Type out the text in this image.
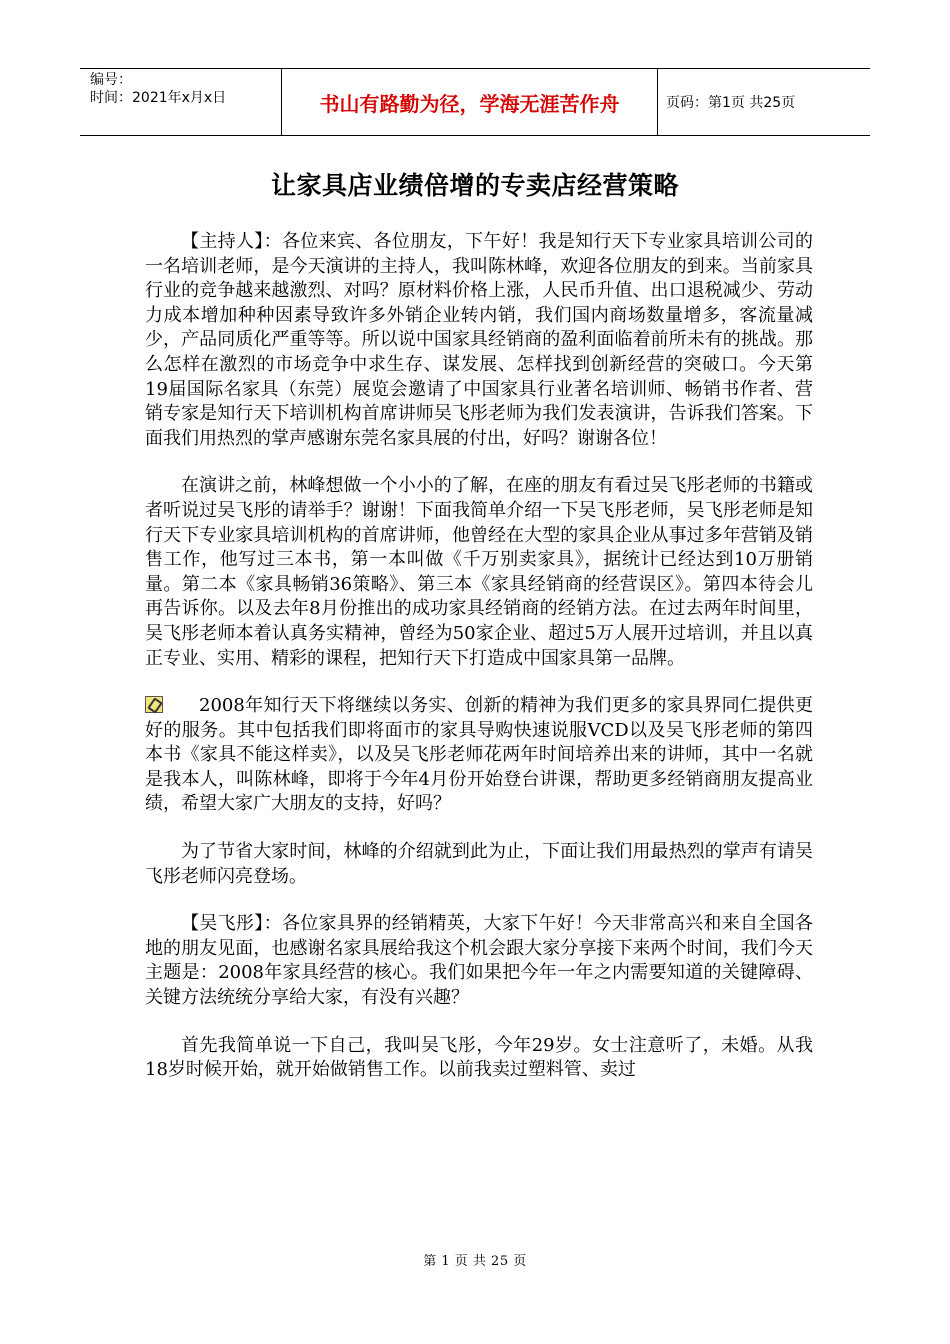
编号：
时间：2021年x月x日	书山有路勤为径，学海无涯苦作舟	页码：第1页 共25页
让家具店业绩倍增的专卖店经营策略

【主持人】：各位来宾、各位朋友，下午好！我是知行天下专业家具培训公司的一名培训老师，是今天演讲的主持人，我叫陈林峰，欢迎各位朋友的到来。当前家具行业的竞争越来越激烈、对吗？原材料价格上涨，人民币升值、出口退税减少、劳动力成本增加种种因素导致许多外销企业转内销，我们国内商场数量增多，客流量减少，产品同质化严重等等。所以说中国家具经销商的盈利面临着前所未有的挑战。那么怎样在激烈的市场竞争中求生存、谋发展、怎样找到创新经营的突破口。今天第19届国际名家具（东莞）展览会邀请了中国家具行业著名培训师、畅销书作者、营销专家是知行天下培训机构首席讲师吴飞彤老师为我们发表演讲，告诉我们答案。下面我们用热烈的掌声感谢东莞名家具展的付出，好吗？谢谢各位！

在演讲之前，林峰想做一个小小的了解，在座的朋友有看过吴飞彤老师的书籍或者听说过吴飞彤的请举手？谢谢！下面我简单介绍一下吴飞彤老师，吴飞彤老师是知行天下专业家具培训机构的首席讲师，他曾经在大型的家具企业从事过多年营销及销售工作，他写过三本书，第一本叫做《千万别卖家具》，据统计已经达到10万册销量。第二本《家具畅销36策略》、第三本《家具经销商的经营误区》。第四本待会儿再告诉你。以及去年8月份推出的成功家具经销商的经销方法。在过去两年时间里，吴飞彤老师本着认真务实精神，曾经为50家企业、超过5万人展开过培训，并且以真正专业、实用、精彩的课程，把知行天下打造成中国家具第一品牌。

2008年知行天下将继续以务实、创新的精神为我们更多的家具界同仁提供更好的服务。其中包括我们即将面市的家具导购快速说服VCD以及吴飞彤老师的第四本书《家具不能这样卖》，以及吴飞彤老师花两年时间培养出来的讲师，其中一名就是我本人，叫陈林峰，即将于今年4月份开始登台讲课，帮助更多经销商朋友提高业绩，希望大家广大朋友的支持，好吗？

为了节省大家时间，林峰的介绍就到此为止，下面让我们用最热烈的掌声有请吴飞彤老师闪亮登场。

【吴飞彤】：各位家具界的经销精英，大家下午好！今天非常高兴和来自全国各地的朋友见面，也感谢名家具展给我这个机会跟大家分享接下来两个时间，我们今天主题是：2008年家具经营的核心。我们如果把今年一年之内需要知道的关键障碍、关键方法统统分享给大家，有没有兴趣？

首先我简单说一下自己，我叫吴飞彤，今年29岁。女士注意听了，未婚。从我18岁时候开始，就开始做销售工作。以前我卖过塑料管、卖过

第 1 页 共 25 页
